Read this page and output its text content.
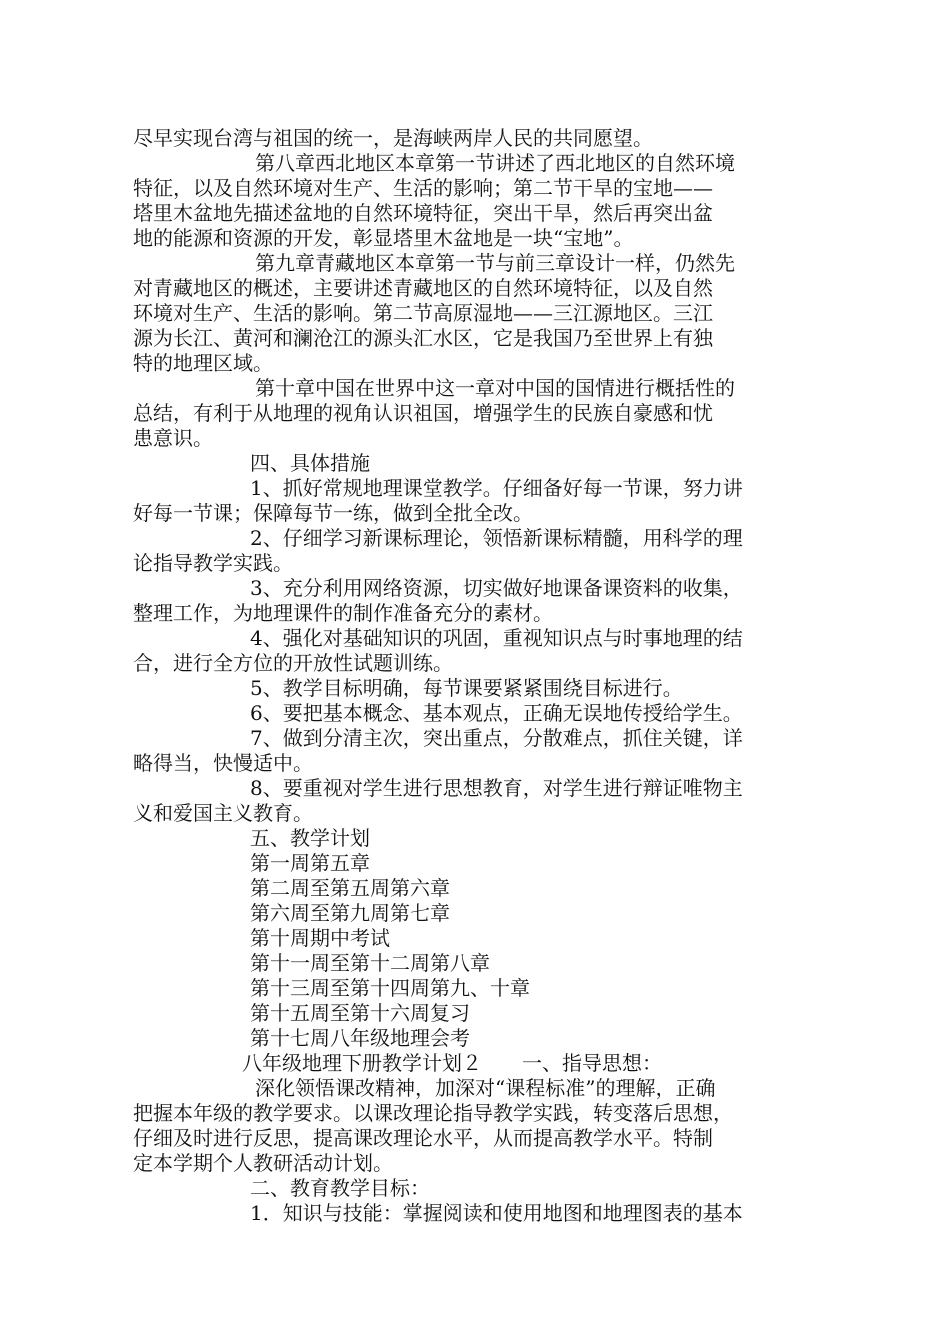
尽早实现台湾与祖国的统一，是海峡两岸人民的共同愿望。
第八章西北地区本章第一节讲述了西北地区的自然环境
特征，以及自然环境对生产、生活的影响；第二节干旱的宝地——
塔里木盆地先描述盆地的自然环境特征，突出干旱，然后再突出盆
地的能源和资源的开发，彰显塔里木盆地是一块“宝地”。
第九章青藏地区本章第一节与前三章设计一样，仍然先
对青藏地区的概述，主要讲述青藏地区的自然环境特征，以及自然
环境对生产、生活的影响。第二节高原湿地——三江源地区。三江
源为长江、黄河和澜沧江的源头汇水区，它是我国乃至世界上有独
特的地理区域。
第十章中国在世界中这一章对中国的国情进行概括性的
总结，有利于从地理的视角认识祖国，增强学生的民族自豪感和忧
患意识。
四、具体措施
1、抓好常规地理课堂教学。仔细备好每一节课，努力讲
好每一节课；保障每节一练，做到全批全改。
2、仔细学习新课标理论，领悟新课标精髓，用科学的理
论指导教学实践。
3、充分利用网络资源，切实做好地课备课资料的收集，
整理工作，为地理课件的制作准备充分的素材。
4、强化对基础知识的巩固，重视知识点与时事地理的结
合，进行全方位的开放性试题训练。
5、教学目标明确，每节课要紧紧围绕目标进行。
6、要把基本概念、基本观点，正确无误地传授给学生。
7、做到分清主次，突出重点，分散难点，抓住关键，详
略得当，快慢适中。
8、要重视对学生进行思想教育，对学生进行辩证唯物主
义和爱国主义教育。
五、教学计划
第一周第五章
第二周至第五周第六章
第六周至第九周第七章
第十周期中考试
第十一周至第十二周第八章
第十三周至第十四周第九、十章
第十五周至第十六周复习
第十七周八年级地理会考
八年级地理下册教学计划２　　一、指导思想：
深化领悟课改精神，加深对“课程标准”的理解，正确
把握本年级的教学要求。以课改理论指导教学实践，转变落后思想，
仔细及时进行反思，提高课改理论水平，从而提高教学水平。特制
定本学期个人教研活动计划。
二、教育教学目标：
1．知识与技能：掌握阅读和使用地图和地理图表的基本
